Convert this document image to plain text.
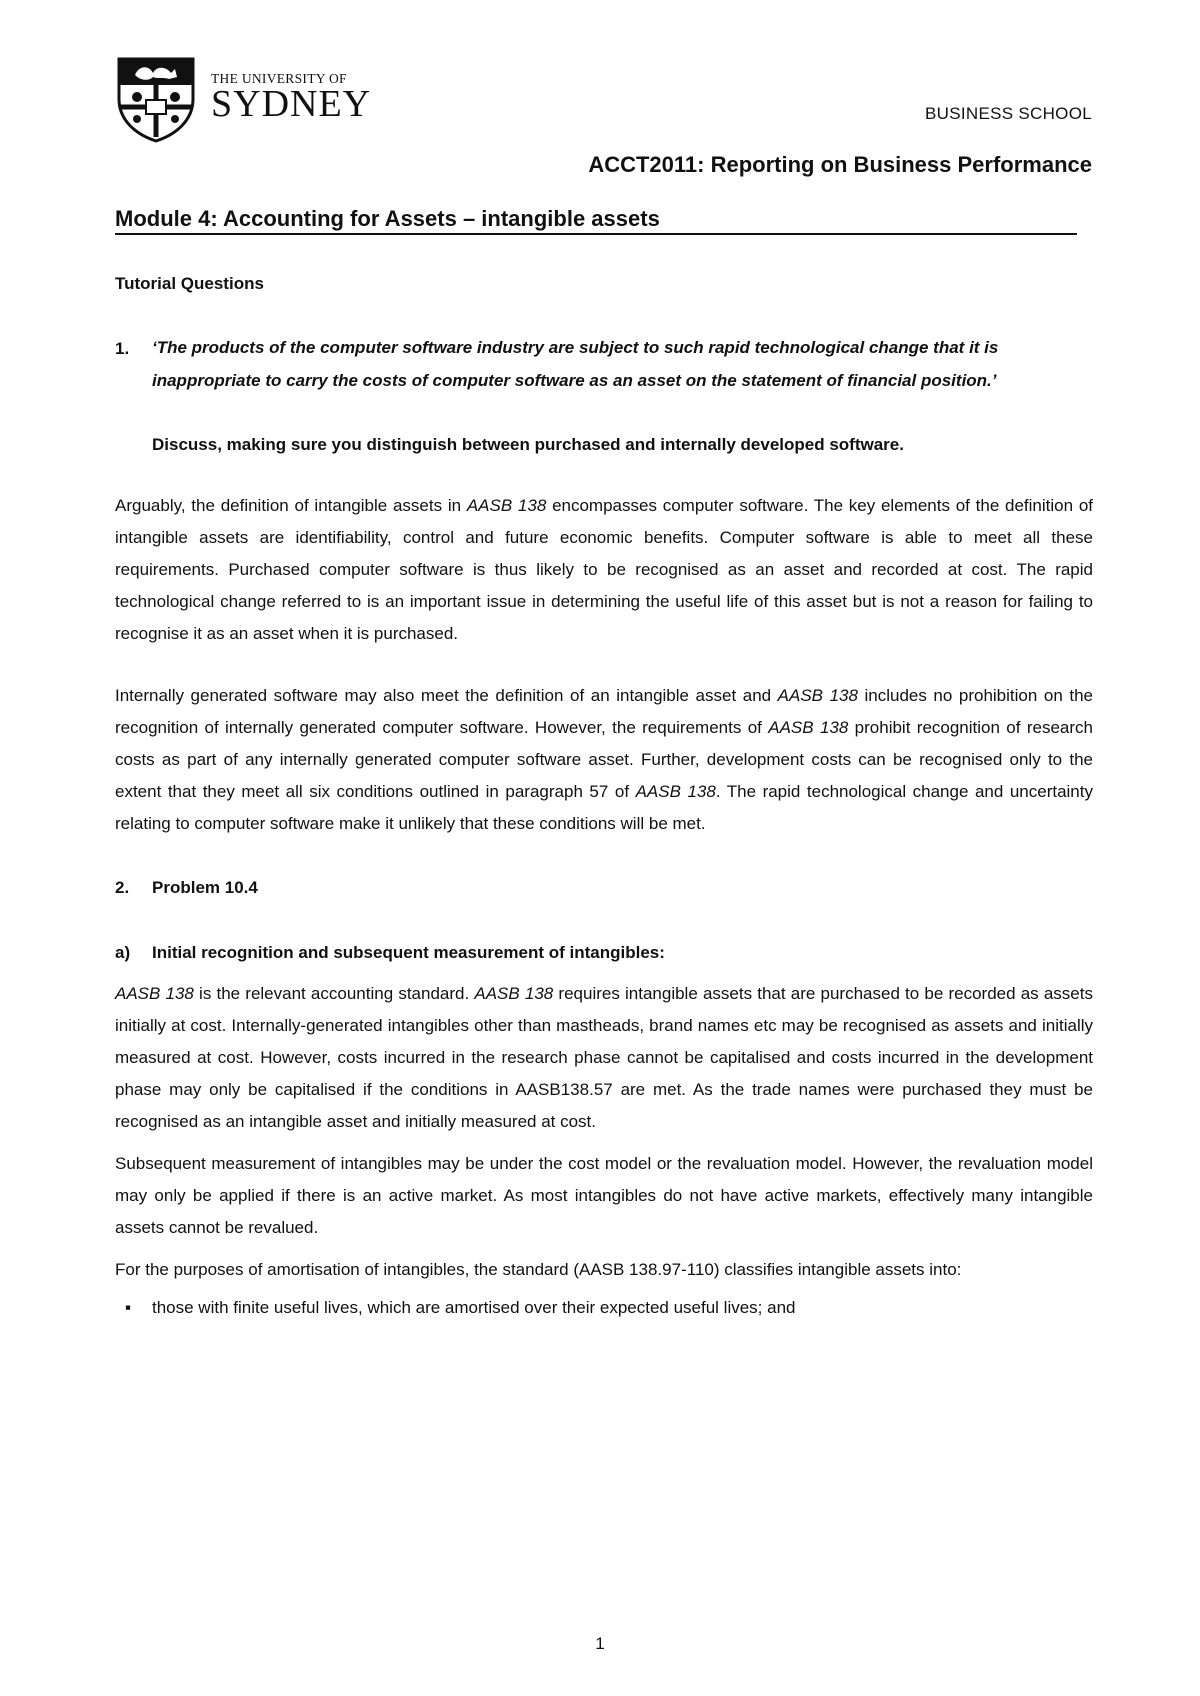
THE UNIVERSITY OF
SYDNEY	BUSINESS SCHOOL
ACCT2011: Reporting on Business Performance
Module 4: Accounting for Assets – intangible assets

Tutorial Questions

1.	‘The products of the computer software industry are subject to such rapid technological change that it is inappropriate to carry the costs of computer software as an asset on the statement of financial position.’

Discuss, making sure you distinguish between purchased and internally developed software.

Arguably, the definition of intangible assets in AASB 138 encompasses computer software. The key elements of the definition of intangible assets are identifiability, control and future economic benefits. Computer software is able to meet all these requirements. Purchased computer software is thus likely to be recognised as an asset and recorded at cost. The rapid technological change referred to is an important issue in determining the useful life of this asset but is not a reason for failing to recognise it as an asset when it is purchased.

Internally generated software may also meet the definition of an intangible asset and AASB 138 includes no prohibition on the recognition of internally generated computer software. However, the requirements of AASB 138 prohibit recognition of research costs as part of any internally generated computer software asset. Further, development costs can be recognised only to the extent that they meet all six conditions outlined in paragraph 57 of AASB 138. The rapid technological change and uncertainty relating to computer software make it unlikely that these conditions will be met.

2.	Problem 10.4
a)	Initial recognition and subsequent measurement of intangibles:

AASB 138 is the relevant accounting standard. AASB 138 requires intangible assets that are purchased to be recorded as assets initially at cost. Internally-generated intangibles other than mastheads, brand names etc may be recognised as assets and initially measured at cost. However, costs incurred in the research phase cannot be capitalised and costs incurred in the development phase may only be capitalised if the conditions in AASB138.57 are met. As the trade names were purchased they must be recognised as an intangible asset and initially measured at cost.

Subsequent measurement of intangibles may be under the cost model or the revaluation model. However, the revaluation model may only be applied if there is an active market. As most intangibles do not have active markets, effectively many intangible assets cannot be revalued.

For the purposes of amortisation of intangibles, the standard (AASB 138.97-110) classifies intangible assets into:

▪	those with finite useful lives, which are amortised over their expected useful lives; and
1
